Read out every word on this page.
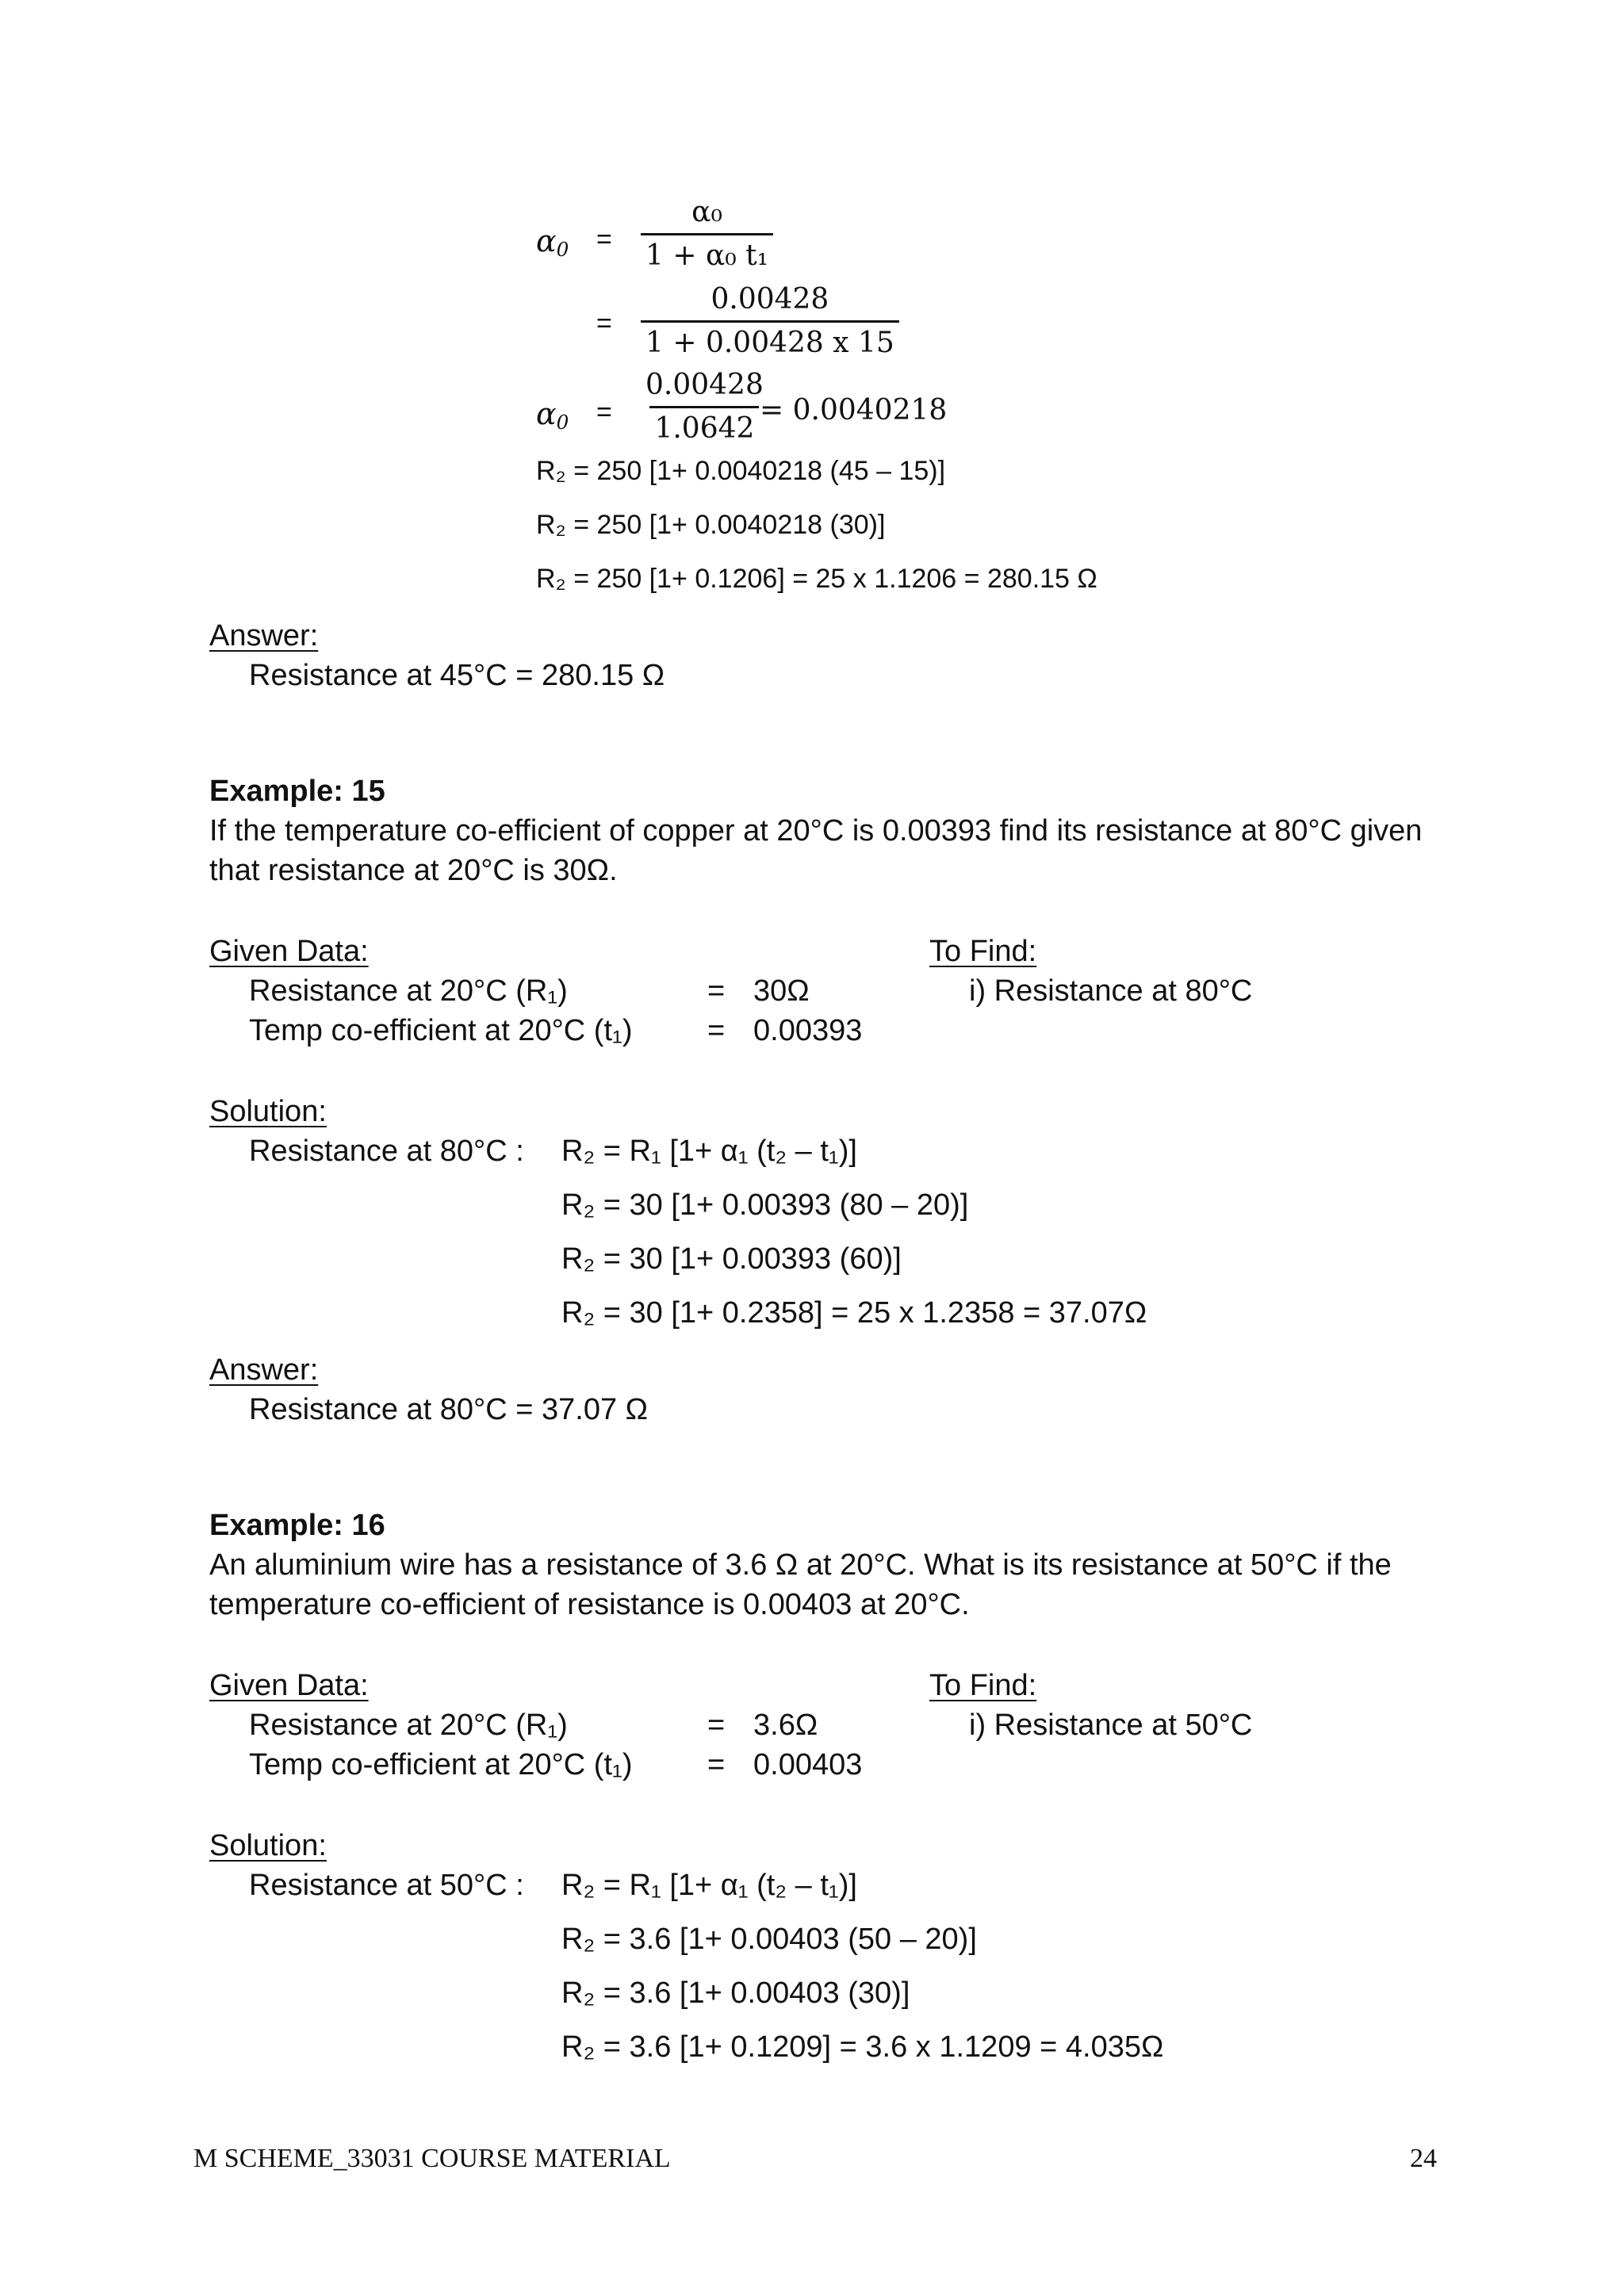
$\alpha_0 = \frac{\text{α₀}}{\text{1 + α₀ t₁}}$
= $\frac{0.00428}{1 + 0.00428 x 15}$
$\alpha_0 = \frac{0.00428}{1.0642}$
= 0.0040218
R₂ = 250 [1+ 0.0040218 (45 – 15)]
R₂ = 250 [1+ 0.0040218 (30)]
R₂ = 250 [1+ 0.1206] = 25 x 1.1206 = 280.15 Ω
Answer:
Resistance at 45°C = 280.15 Ω
Example: 15
If the temperature co-efficient of copper at 20°C is 0.00393 find its resistance at 80°C given
that resistance at 20°C is 30Ω.
Given Data:	To Find:
Resistance at 20°C (R₁)	= 30Ω	i) Resistance at 80°C
Temp co-efficient at 20°C (t₁) = 0.00393
Solution:
Resistance at 80°C : R₂ = R₁ [1+ α₁ (t₂ – t₁)]
R₂ = 30 [1+ 0.00393 (80 – 20)]
R₂ = 30 [1+ 0.00393 (60)]
R₂ = 30 [1+ 0.2358] = 25 x 1.2358 = 37.07Ω
Answer:
Resistance at 80°C = 37.07 Ω
Example: 16
An aluminium wire has a resistance of 3.6 Ω at 20°C. What is its resistance at 50°C if the
temperature co-efficient of resistance is 0.00403 at 20°C.
Given Data:	To Find:
Resistance at 20°C (R₁)	= 3.6Ω	i) Resistance at 50°C
Temp co-efficient at 20°C (t₁) = 0.00403
Solution:
Resistance at 50°C : R₂ = R₁ [1+ α₁ (t₂ – t₁)]
R₂ = 3.6 [1+ 0.00403 (50 – 20)]
R₂ = 3.6 [1+ 0.00403 (30)]
R₂ = 3.6 [1+ 0.1209] = 3.6 x 1.1209 = 4.035Ω
M SCHEME_33031 COURSE MATERIAL	24
